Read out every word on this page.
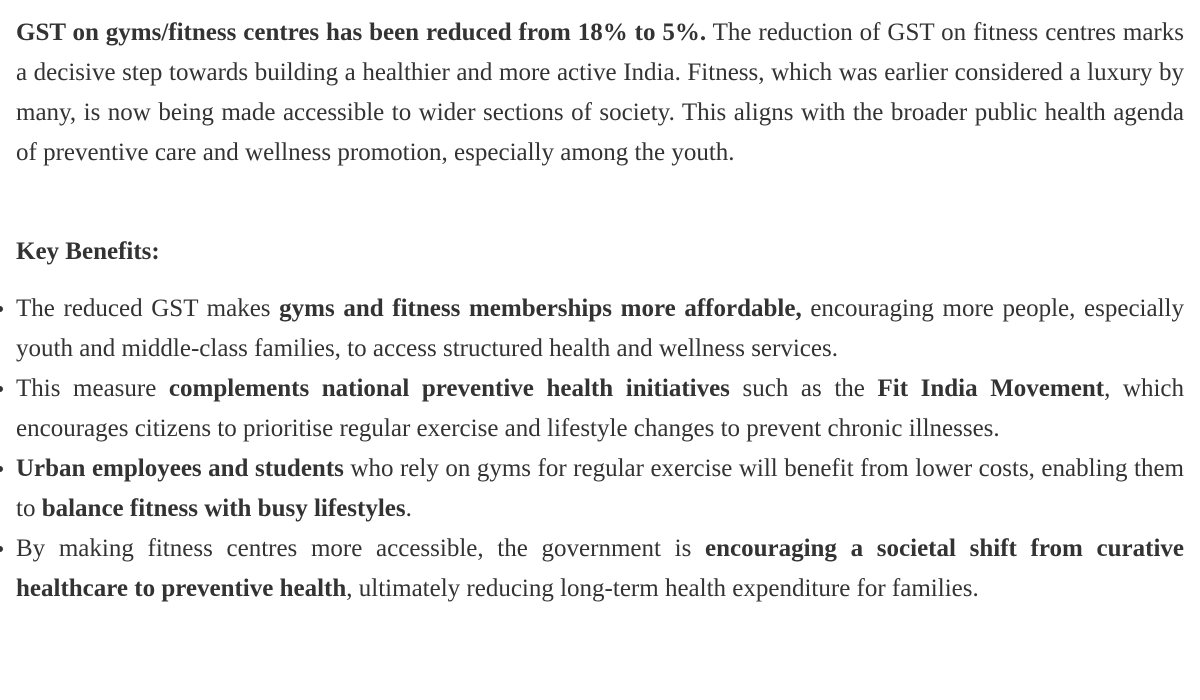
GST on gyms/fitness centres has been reduced from 18% to 5%. The reduction of GST on fitness centres marks a decisive step towards building a healthier and more active India. Fitness, which was earlier considered a luxury by many, is now being made accessible to wider sections of society. This aligns with the broader public health agenda of preventive care and wellness promotion, especially among the youth.

Key Benefits:

The reduced GST makes gyms and fitness memberships more affordable, encouraging more people, especially youth and middle-class families, to access structured health and wellness services.
This measure complements national preventive health initiatives such as the Fit India Movement, which encourages citizens to prioritise regular exercise and lifestyle changes to prevent chronic illnesses.
Urban employees and students who rely on gyms for regular exercise will benefit from lower costs, enabling them to balance fitness with busy lifestyles.
By making fitness centres more accessible, the government is encouraging a societal shift from curative healthcare to preventive health, ultimately reducing long-term health expenditure for families.
